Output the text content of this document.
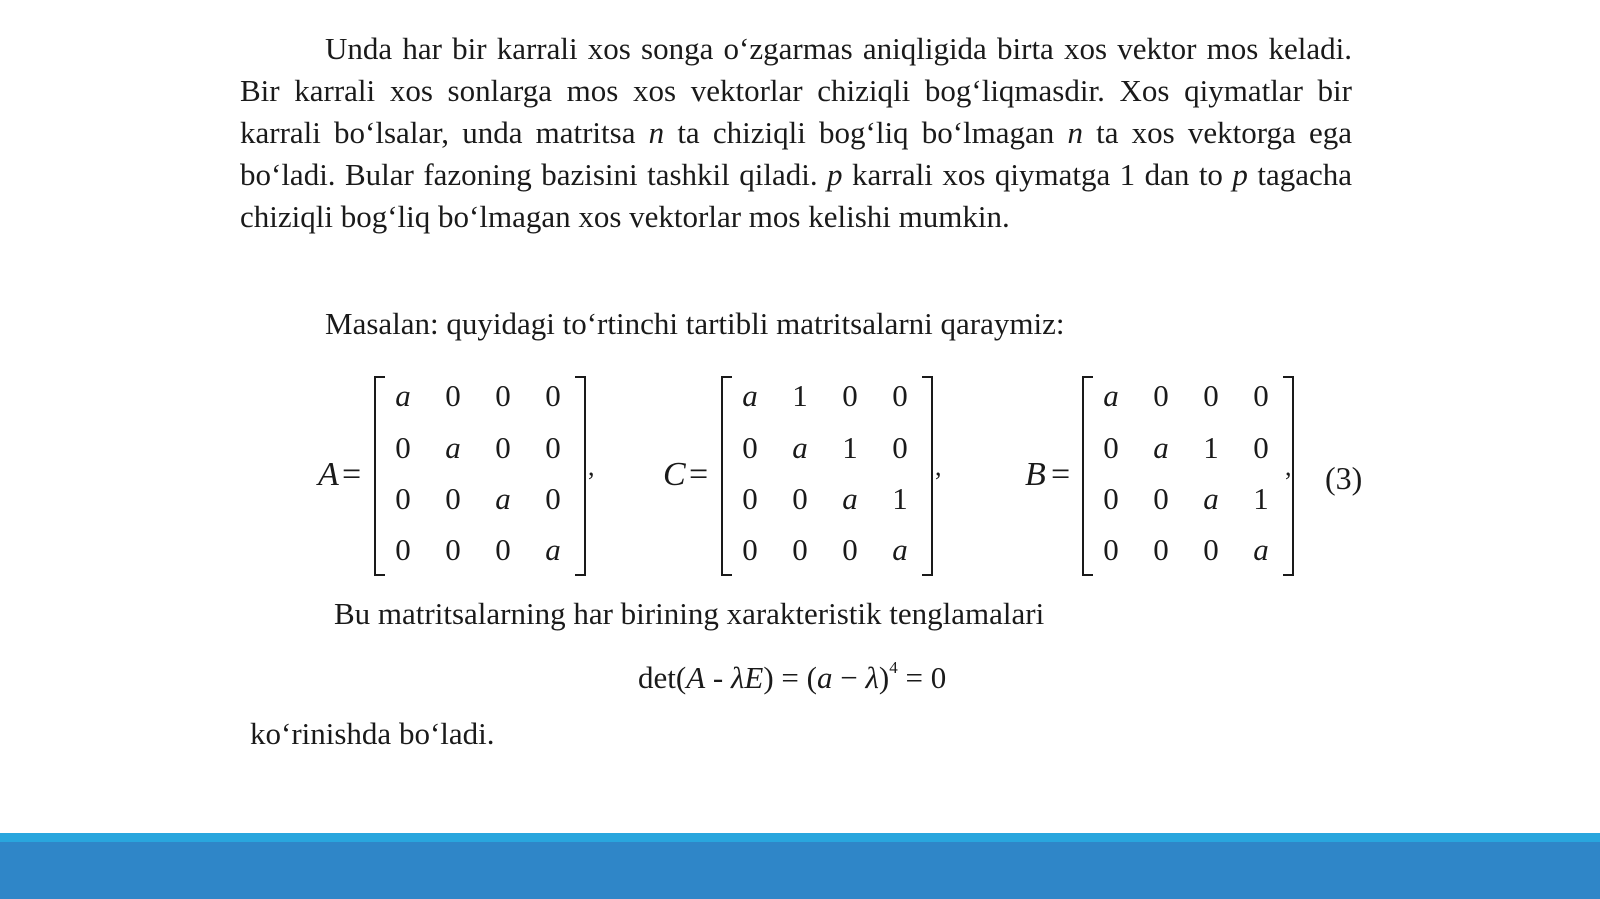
Unda har bir karrali xos songa o‘zgarmas aniqligida birta xos vektor mos keladi. Bir karrali xos sonlarga mos xos vektorlar chiziqli bog‘liqmasdir. Xos qiymatlar bir karrali bo‘lsalar, unda matritsa n ta chiziqli bog‘liq bo‘lmagan n ta xos vektorga ega bo‘ladi. Bular fazoning bazisini tashkil qiladi. p karrali xos qiymatga 1 dan to p tagacha chiziqli bog‘liq bo‘lmagan xos vektorlar mos kelishi mumkin.

Masalan: quyidagi to‘rtinchi tartibli matritsalarni qaraymiz:

A =
a	0	0	0
0	a	0	0
0	0	a	0
0	0	0	a
, C =
a	1	0	0
0	a	1	0
0	0	a	1
0	0	0	a
, B =
a	0	0	0
0	a	1	0
0	0	a	1
0	0	0	a
, (3)

Bu matritsalarning har birining xarakteristik tenglamalari

$\det(A - \lambda E) = (a - \lambda)^4 = 0$

ko‘rinishda bo‘ladi.
